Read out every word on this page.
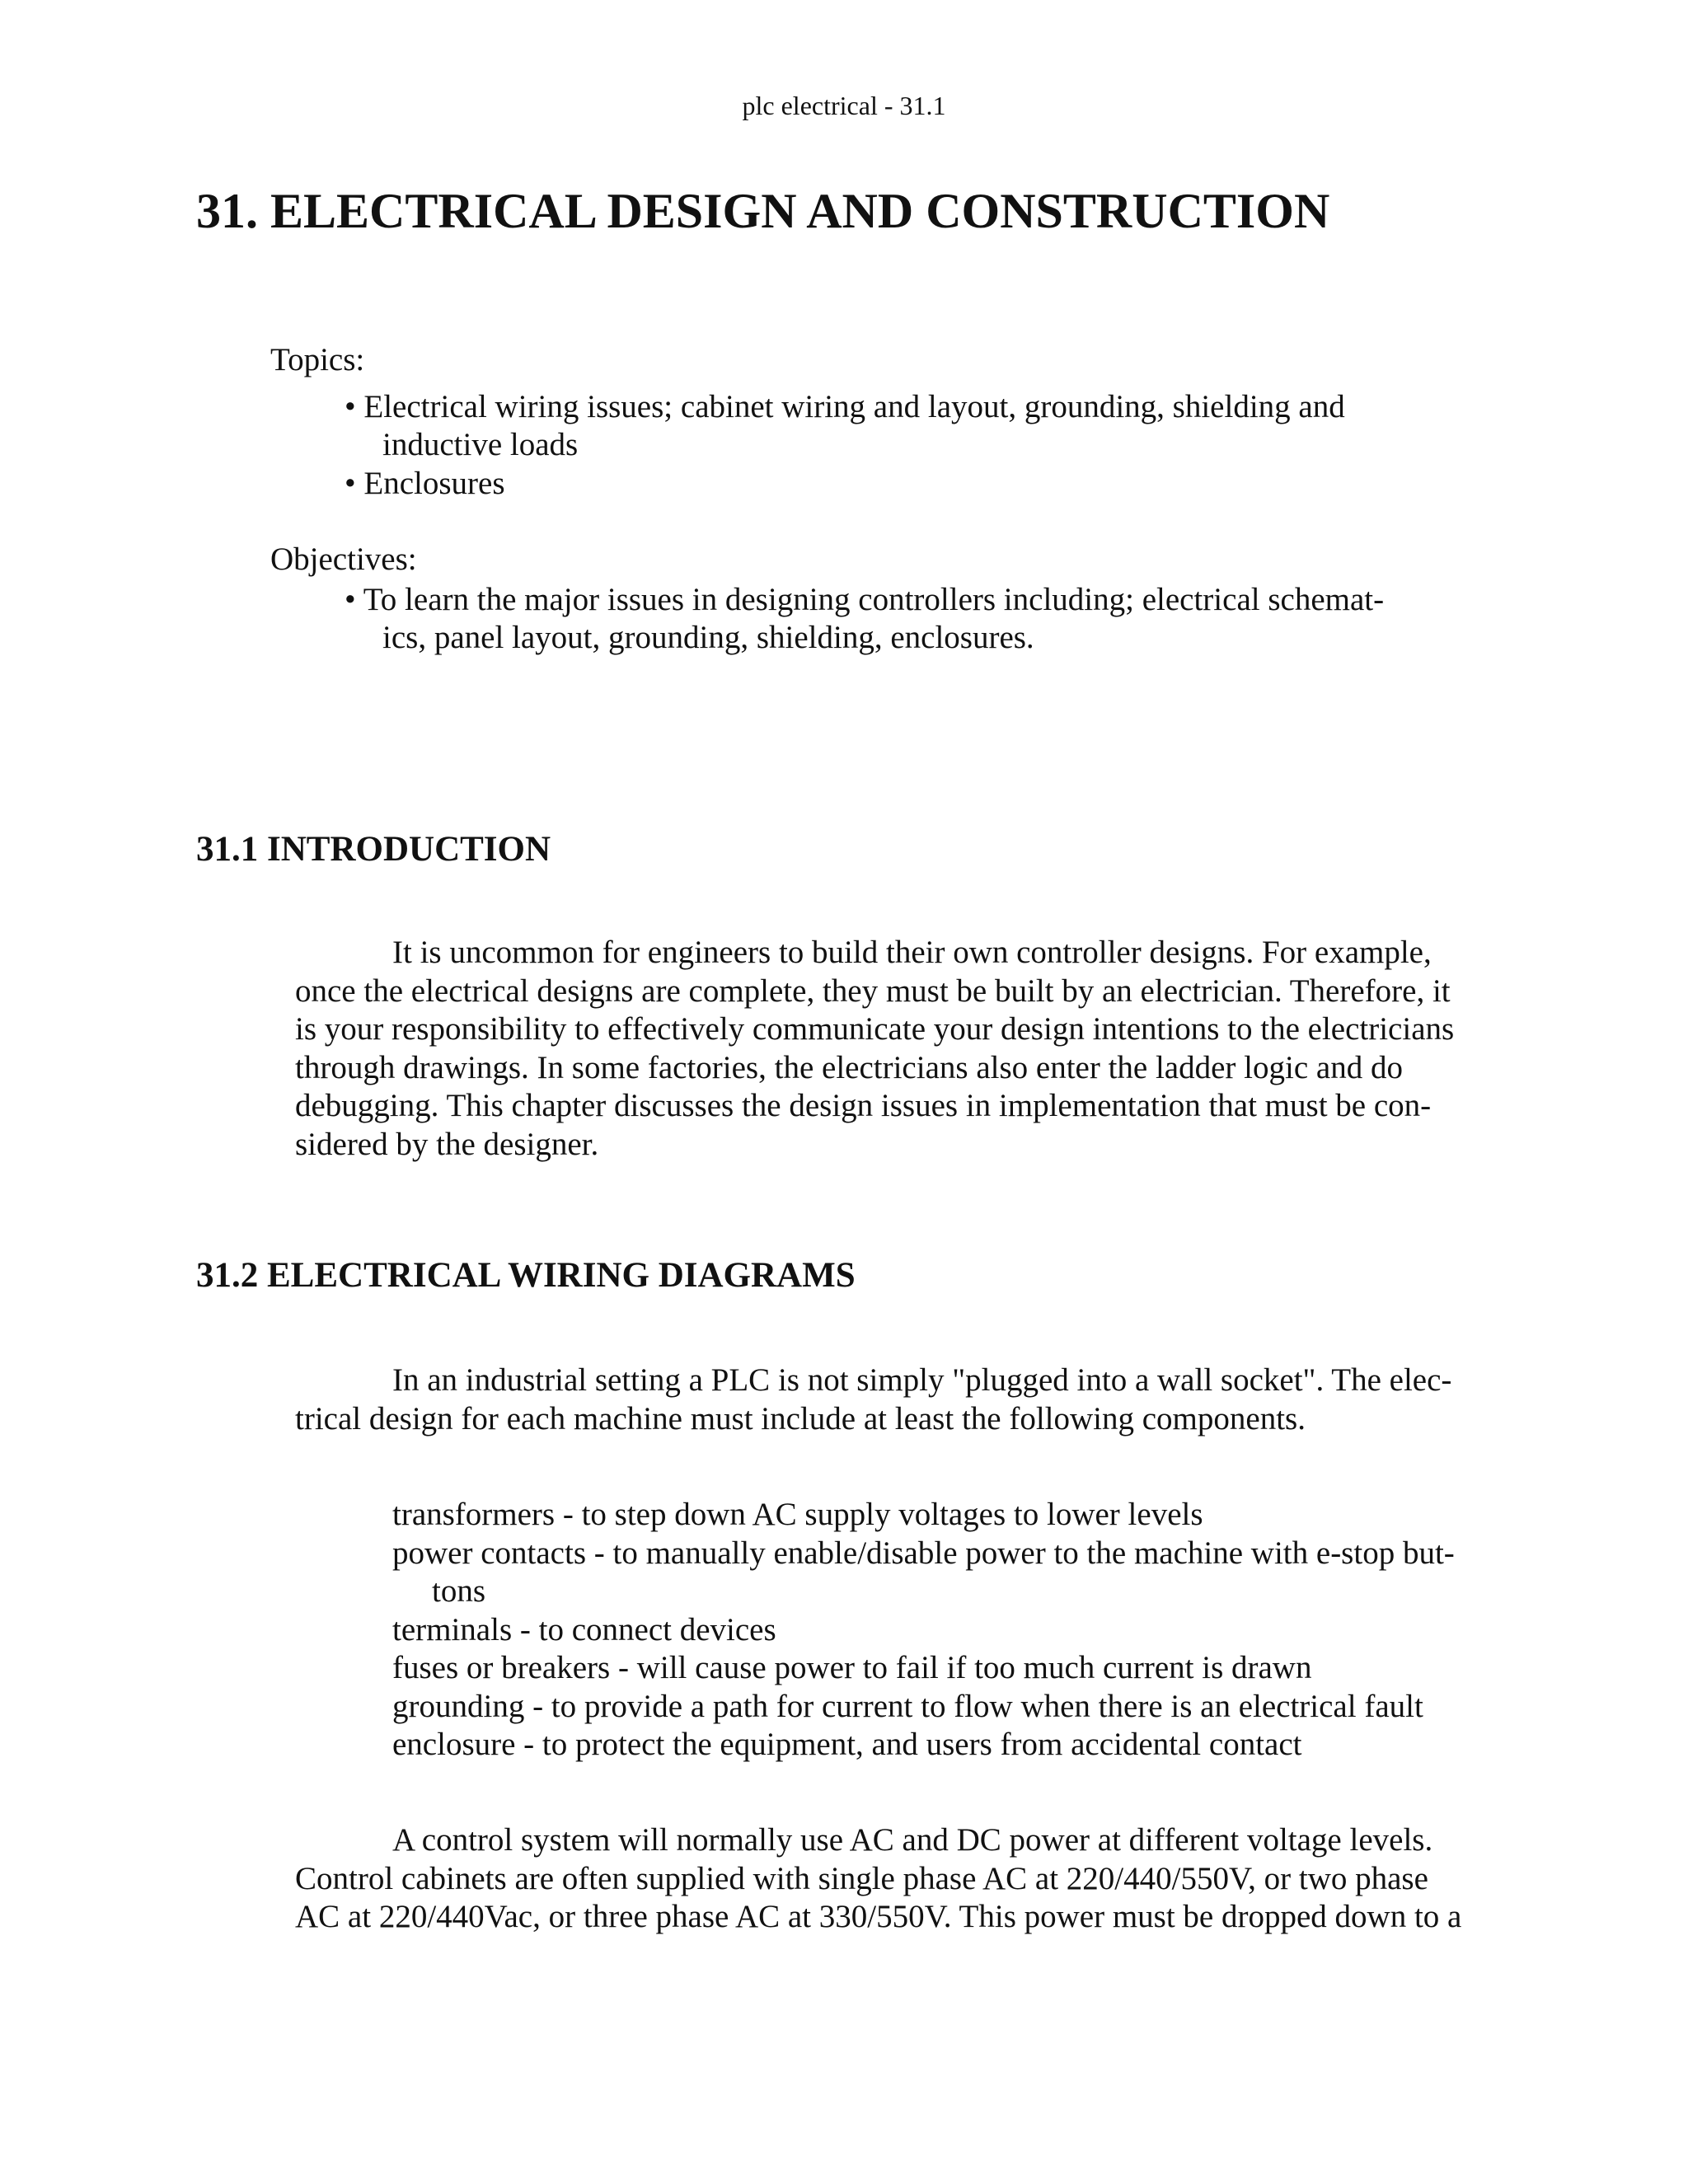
plc electrical - 31.1
31. ELECTRICAL DESIGN AND CONSTRUCTION
Topics:
• Electrical wiring issues; cabinet wiring and layout, grounding, shielding and
inductive loads
• Enclosures
Objectives:
• To learn the major issues in designing controllers including; electrical schemat-
ics, panel layout, grounding, shielding, enclosures.
31.1 INTRODUCTION
It is uncommon for engineers to build their own controller designs. For example,
once the electrical designs are complete, they must be built by an electrician. Therefore, it
is your responsibility to effectively communicate your design intentions to the electricians
through drawings. In some factories, the electricians also enter the ladder logic and do
debugging. This chapter discusses the design issues in implementation that must be con-
sidered by the designer.
31.2 ELECTRICAL WIRING DIAGRAMS
In an industrial setting a PLC is not simply "plugged into a wall socket". The elec-
trical design for each machine must include at least the following components.
transformers - to step down AC supply voltages to lower levels
power contacts - to manually enable/disable power to the machine with e-stop but-
tons
terminals - to connect devices
fuses or breakers - will cause power to fail if too much current is drawn
grounding - to provide a path for current to flow when there is an electrical fault
enclosure - to protect the equipment, and users from accidental contact
A control system will normally use AC and DC power at different voltage levels.
Control cabinets are often supplied with single phase AC at 220/440/550V, or two phase
AC at 220/440Vac, or three phase AC at 330/550V. This power must be dropped down to a
